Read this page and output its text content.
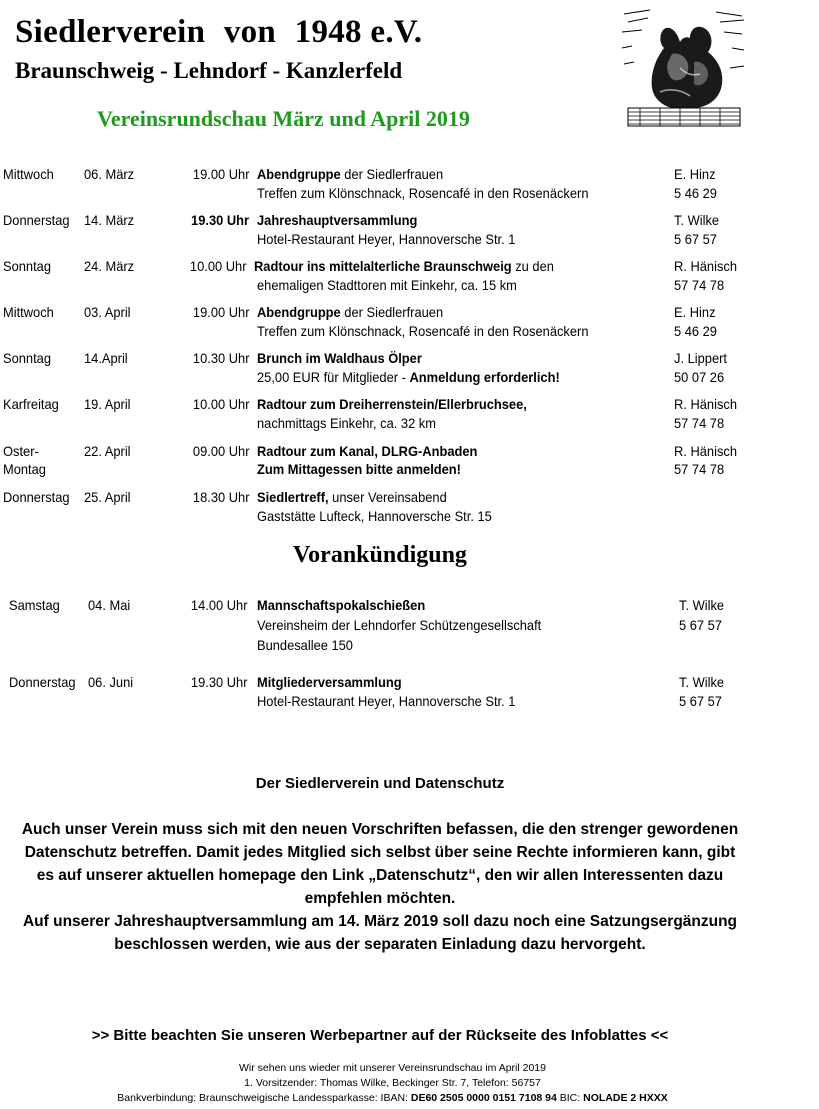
Siedlerverein von 1948 e.V.
Braunschweig - Lehndorf - Kanzlerfeld
Vereinsrundschau März und April 2019
Mittwoch 06. März	19.00 Uhr Abendgruppe der Siedlerfrauen
Treffen zum Klönschnack, Rosencafé in den Rosenäckern
E. Hinz
5 46 29
Donnerstag 14. März	19.30 Uhr Jahreshauptversammlung
Hotel-Restaurant Heyer, Hannoversche Str. 1
T. Wilke
5 67 57
Sonntag 24. März	10.00 Uhr Radtour ins mittelalterliche Braunschweig zu den
ehemaligen Stadttoren mit Einkehr, ca. 15 km
R. Hänisch
57 74 78
Mittwoch 03. April	19.00 Uhr Abendgruppe der Siedlerfrauen
Treffen zum Klönschnack, Rosencafé in den Rosenäckern
E. Hinz
5 46 29
Sonntag 14.April	10.30 Uhr Brunch im Waldhaus Ölper
25,00 EUR für Mitglieder - Anmeldung erforderlich!
J. Lippert
50 07 26
Karfreitag 19. April	10.00 Uhr Radtour zum Dreiherrenstein/Ellerbruchsee,
nachmittags Einkehr, ca. 32 km
R. Hänisch
57 74 78
Oster-
Montag
22. April	09.00 Uhr Radtour zum Kanal, DLRG-Anbaden
Zum Mittagessen bitte anmelden!
R. Hänisch
57 74 78
Donnerstag 25. April	18.30 Uhr Siedlertreff, unser Vereinsabend
Gaststätte Lufteck, Hannoversche Str. 15
Vorankündigung
Samstag 04. Mai	14.00 Uhr Mannschaftspokalschießen
Vereinsheim der Lehndorfer Schützengesellschaft
Bundesallee 150
T. Wilke
5 67 57
Donnerstag 06. Juni	19.30 Uhr Mitgliederversammlung
Hotel-Restaurant Heyer, Hannoversche Str. 1
T. Wilke
5 67 57
Der Siedlerverein und Datenschutz
Auch unser Verein muss sich mit den neuen Vorschriften befassen, die den strenger gewordenen
Datenschutz betreffen. Damit jedes Mitglied sich selbst über seine Rechte informieren kann, gibt
es auf unserer aktuellen homepage den Link „Datenschutz“, den wir allen Interessenten dazu
empfehlen möchten.
Auf unserer Jahreshauptversammlung am 14. März 2019 soll dazu noch eine Satzungsergänzung
beschlossen werden, wie aus der separaten Einladung dazu hervorgeht.
>> Bitte beachten Sie unseren Werbepartner auf der Rückseite des Infoblattes <<
Wir sehen uns wieder mit unserer Vereinsrundschau im April 2019
1. Vorsitzender: Thomas Wilke, Beckinger Str. 7, Telefon: 56757
Bankverbindung: Braunschweigische Landessparkasse: IBAN: DE60 2505 0000 0151 7108 94 BIC: NOLADE 2 HXXX
